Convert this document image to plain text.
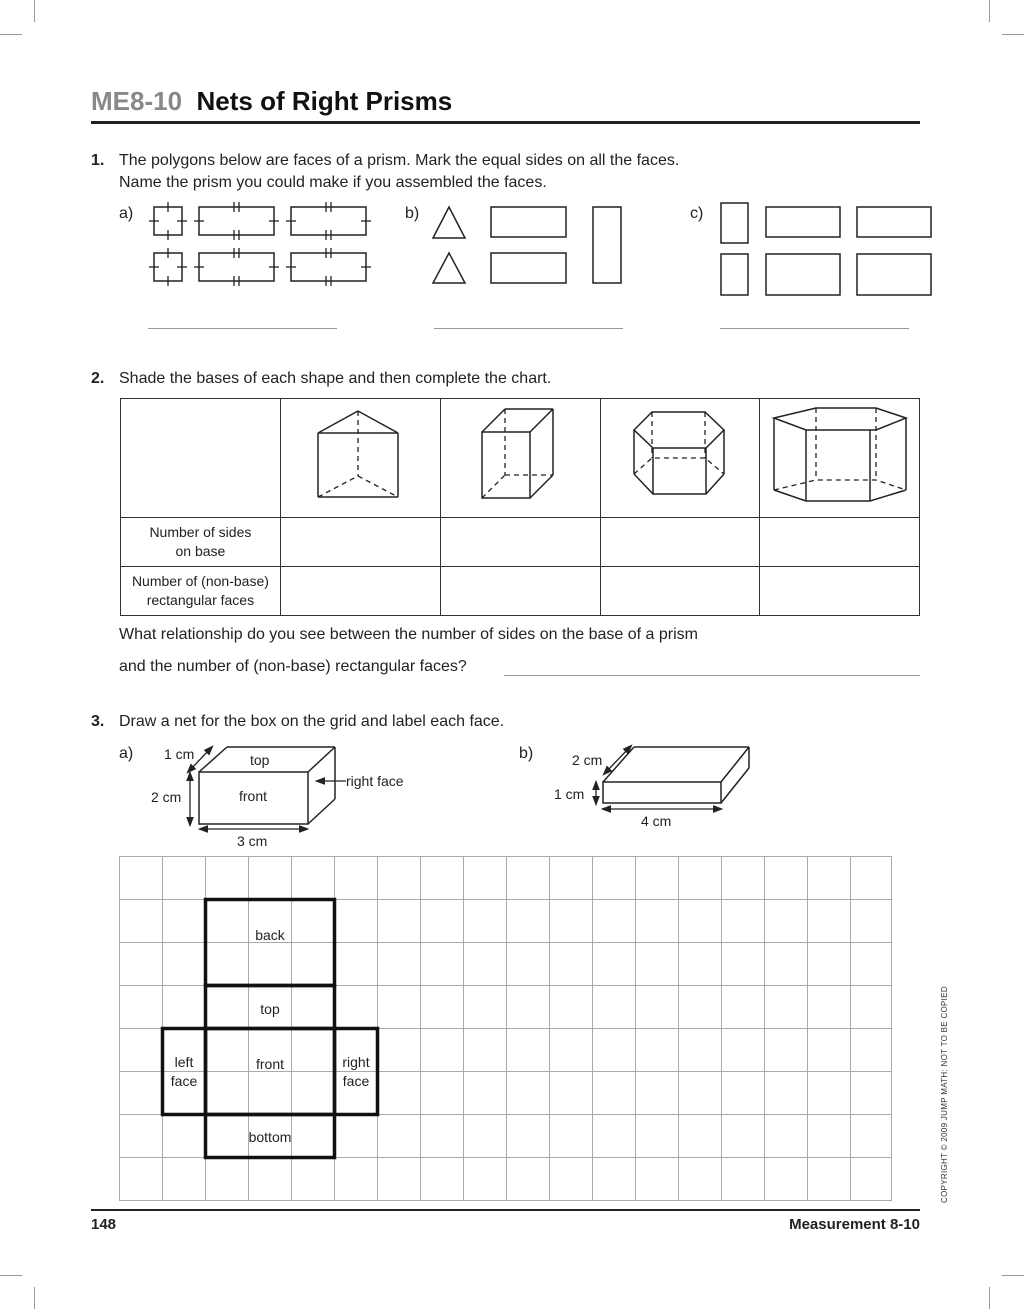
ME8-10 Nets of Right Prisms
1. The polygons below are faces of a prism. Mark the equal sides on all the faces.
Name the prism you could make if you assembled the faces.
a)	b)	c)
2. Shade the bases of each shape and then complete the chart.

Number of sides
on base				
Number of (non-base)
rectangular faces				
What relationship do you see between the number of sides on the base of a prism
and the number of (non-base) rectangular faces?
3. Draw a net for the box on the grid and label each face.
a)	b)
1 cm	top
right face
2 cm	front
3 cm
2 cm
1 cm
4 cm
back
top
front
bottom
left
face
right
face	COPYRIGHT © 2009 JUMP MATH: NOT TO BE COPIED
148	Measurement 8-10
